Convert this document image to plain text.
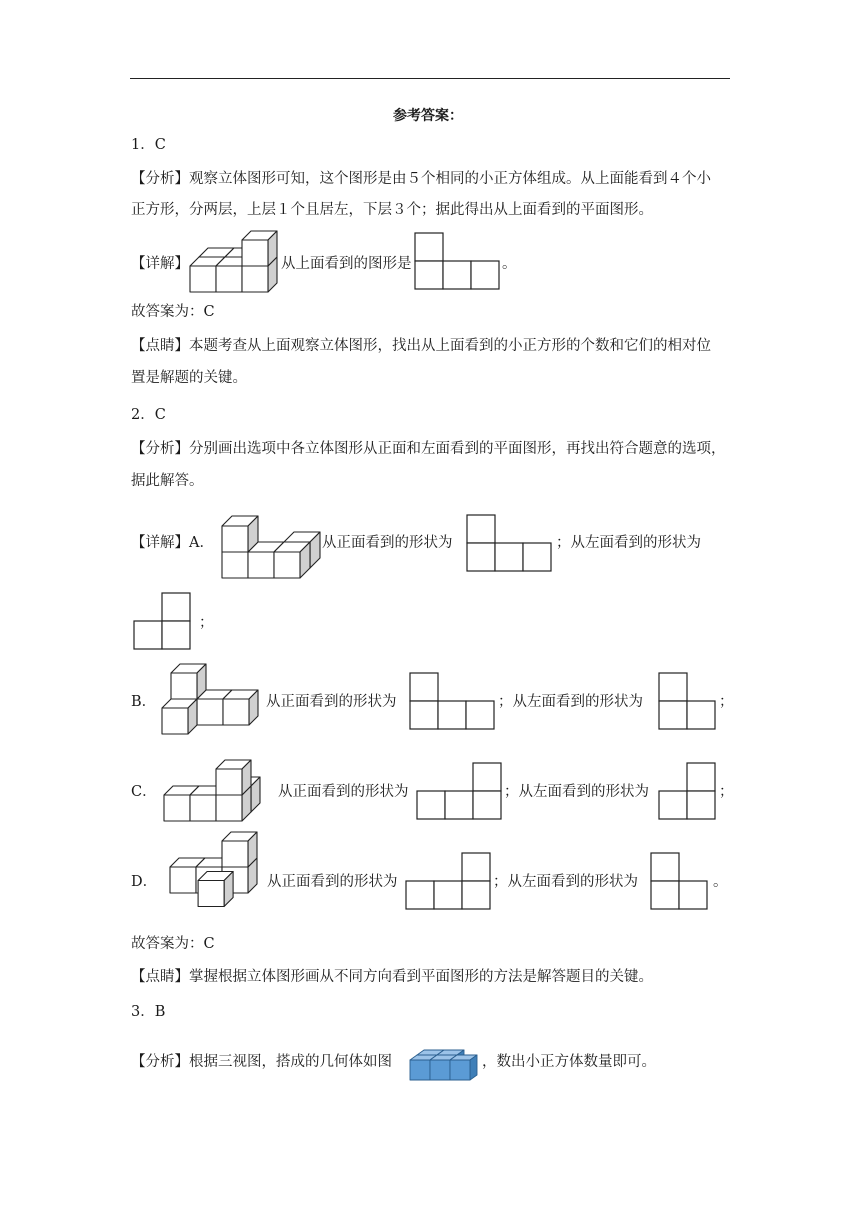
参考答案：
1．C
【分析】观察立体图形可知，这个图形是由５个相同的小正方体组成。从上面能看到４个小
正方形，分两层，上层１个且居左，下层３个；据此得出从上面看到的平面图形。
【详解】	从上面看到的图形是	。
故答案为：C
【点睛】本题考查从上面观察立体图形，找出从上面看到的小正方形的个数和它们的相对位
置是解题的关键。
2．C
【分析】分别画出选项中各立体图形从正面和左面看到的平面图形，再找出符合题意的选项，
据此解答。
【详解】A．	从正面看到的形状为	；从左面看到的形状为
；
B．	从正面看到的形状为	；从左面看到的形状为	；
C．	从正面看到的形状为	；从左面看到的形状为	；
D．	从正面看到的形状为	；从左面看到的形状为	。
故答案为：C
【点睛】掌握根据立体图形画从不同方向看到平面图形的方法是解答题目的关键。
3．B
【分析】根据三视图，搭成的几何体如图	，数出小正方体数量即可。
